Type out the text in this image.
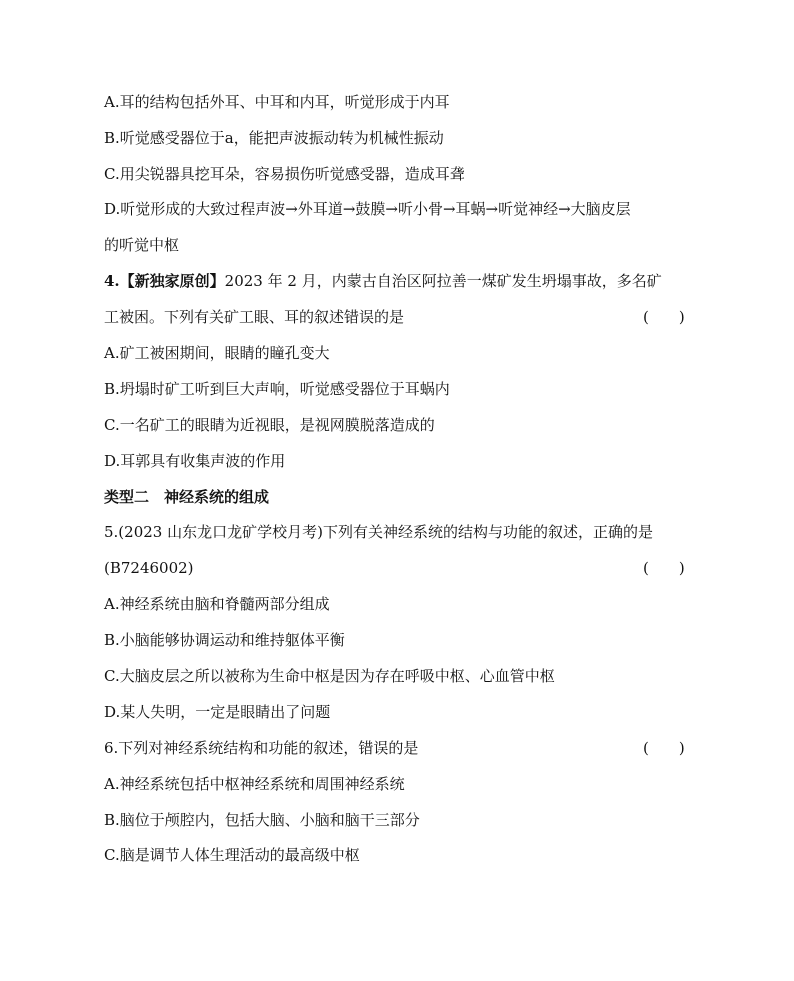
A.耳的结构包括外耳、中耳和内耳，听觉形成于内耳
B.听觉感受器位于a，能把声波振动转为机械性振动
C.用尖锐器具挖耳朵，容易损伤听觉感受器，造成耳聋
D.听觉形成的大致过程声波→外耳道→鼓膜→听小骨→耳蜗→听觉神经→大脑皮层
的听觉中枢
4.【新独家原创】2023 年 2 月，内蒙古自治区阿拉善一煤矿发生坍塌事故，多名矿
工被困。下列有关矿工眼、耳的叙述错误的是	(　　)
A.矿工被困期间，眼睛的瞳孔变大
B.坍塌时矿工听到巨大声响，听觉感受器位于耳蜗内
C.一名矿工的眼睛为近视眼，是视网膜脱落造成的
D.耳郭具有收集声波的作用
类型二　神经系统的组成
5.(2023 山东龙口龙矿学校月考)下列有关神经系统的结构与功能的叙述，正确的是
(B7246002)	(　　)
A.神经系统由脑和脊髓两部分组成
B.小脑能够协调运动和维持躯体平衡
C.大脑皮层之所以被称为生命中枢是因为存在呼吸中枢、心血管中枢
D.某人失明，一定是眼睛出了问题
6.下列对神经系统结构和功能的叙述，错误的是	(　　)
A.神经系统包括中枢神经系统和周围神经系统
B.脑位于颅腔内，包括大脑、小脑和脑干三部分
C.脑是调节人体生理活动的最高级中枢
